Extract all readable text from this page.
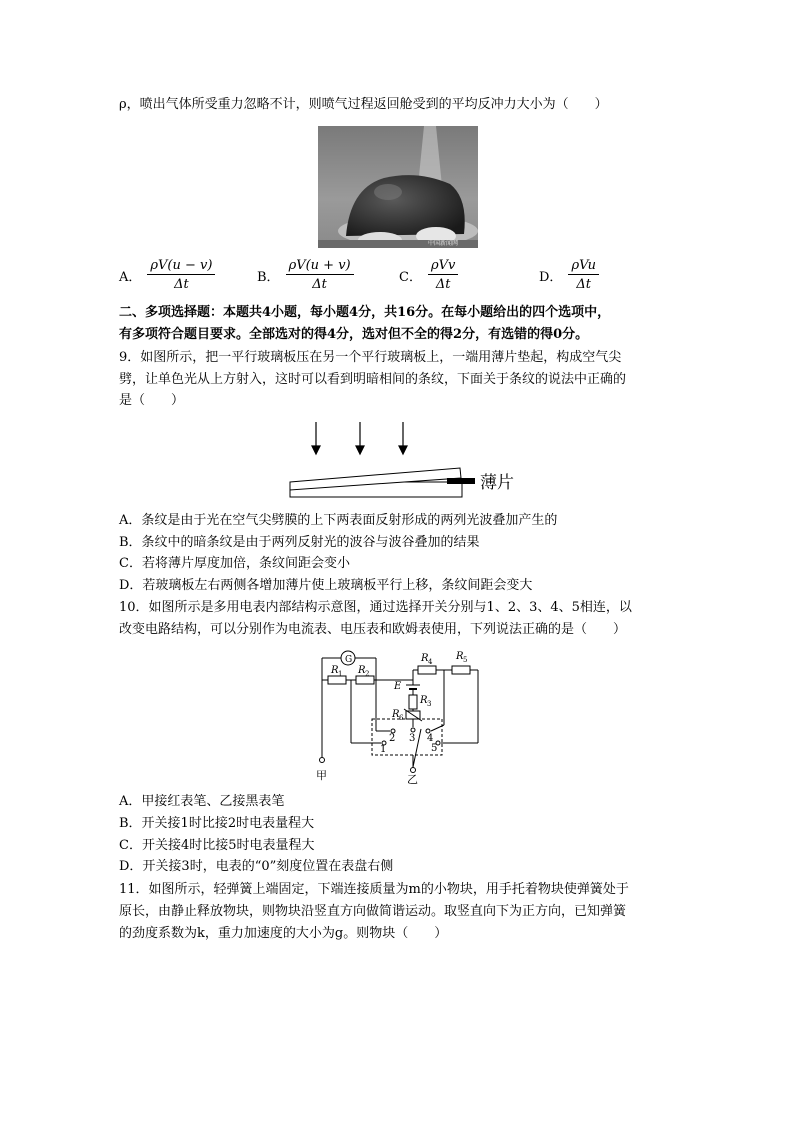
ρ，喷出气体所受重力忽略不计，则喷气过程返回舱受到的平均反冲力大小为（　　）
中国新闻网
A． $\frac{\rho V(u - v)}{\Delta t}$	B． $\frac{\rho V(u + v)}{\Delta t}$	C． $\frac{\text{ρVv}}{\Delta t}$	D． $\frac{\text{ρVu}}{\Delta t}$
二、多项选择题：本题共4小题，每小题4分，共16分。在每小题给出的四个选项中，
有多项符合题目要求。全部选对的得4分，选对但不全的得2分，有选错的得0分。
9．如图所示，把一平行玻璃板压在另一个平行玻璃板上，一端用薄片垫起，构成空气尖
劈，让单色光从上方射入，这时可以看到明暗相间的条纹，下面关于条纹的说法中正确的
是（　　）
薄片
A．条纹是由于光在空气尖劈膜的上下两表面反射形成的两列光波叠加产生的
B．条纹中的暗条纹是由于两列反射光的波谷与波谷叠加的结果
C．若将薄片厚度加倍，条纹间距会变小
D．若玻璃板左右两侧各增加薄片使上玻璃板平行上移，条纹间距会变大
10．如图所示是多用电表内部结构示意图，通过选择开关分别与1、2、3、4、5相连，以
改变电路结构，可以分别作为电流表、电压表和欧姆表使用，下列说法正确的是（　　）
G
R 1 R 2
R 4 R 5
E
R 3
R 6
1
2 3 4
5
甲	乙
A．甲接红表笔、乙接黑表笔
B．开关接1时比接2时电表量程大
C．开关接4时比接5时电表量程大
D．开关接3时，电表的“0”刻度位置在表盘右侧
11．如图所示，轻弹簧上端固定，下端连接质量为m的小物块，用手托着物块使弹簧处于
原长，由静止释放物块，则物块沿竖直方向做简谐运动。取竖直向下为正方向，已知弹簧
的劲度系数为k，重力加速度的大小为g。则物块（　　）
